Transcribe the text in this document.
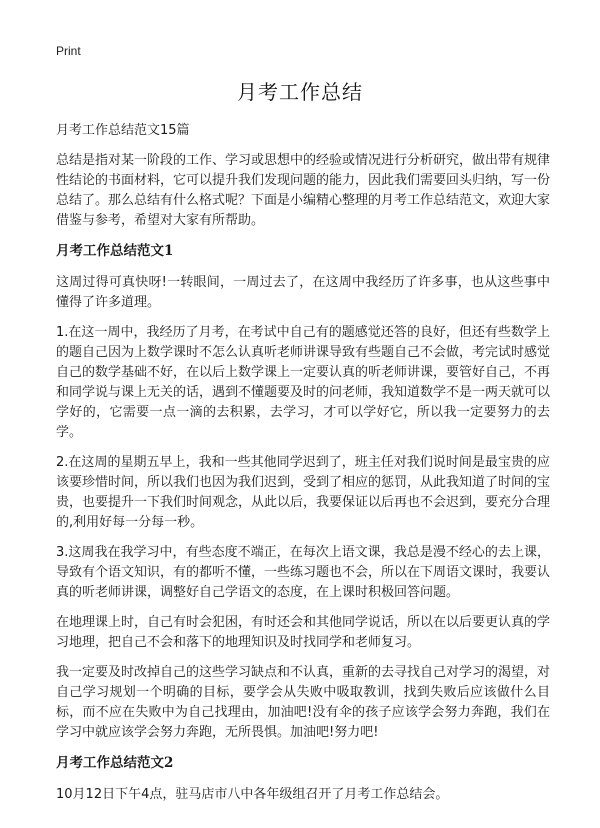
Print
月考工作总结
月考工作总结范文15篇

总结是指对某一阶段的工作、学习或思想中的经验或情况进行分析研究，做出带有规律性结论的书面材料，它可以提升我们发现问题的能力，因此我们需要回头归纳，写一份总结了。那么总结有什么格式呢？下面是小编精心整理的月考工作总结范文，欢迎大家借鉴与参考，希望对大家有所帮助。

月考工作总结范文1

这周过得可真快呀!一转眼间，一周过去了，在这周中我经历了许多事，也从这些事中懂得了许多道理。

1.在这一周中，我经历了月考，在考试中自己有的题感觉还答的良好，但还有些数学上的题自己因为上数学课时不怎么认真听老师讲课导致有些题自己不会做，考完试时感觉自己的数学基础不好，在以后上数学课上一定要认真的听老师讲课，要管好自己，不再和同学说与课上无关的话，遇到不懂题要及时的问老师，我知道数学不是一两天就可以学好的，它需要一点一滴的去积累，去学习，才可以学好它，所以我一定要努力的去学。

2.在这周的星期五早上，我和一些其他同学迟到了，班主任对我们说时间是最宝贵的应该要珍惜时间，所以我们也因为我们迟到，受到了相应的惩罚，从此我知道了时间的宝贵，也要提升一下我们时间观念，从此以后，我要保证以后再也不会迟到，要充分合理的,利用好每一分每一秒。

3.这周我在我学习中，有些态度不端正，在每次上语文课，我总是漫不经心的去上课，导致有个语文知识，有的都听不懂，一些练习题也不会，所以在下周语文课时，我要认真的听老师讲课，调整好自己学语文的态度，在上课时积极回答问题。

在地理课上时，自己有时会犯困，有时还会和其他同学说话，所以在以后要更认真的学习地理，把自己不会和落下的地理知识及时找同学和老师复习。

我一定要及时改掉自己的这些学习缺点和不认真，重新的去寻找自己对学习的渴望，对自己学习规划一个明确的目标，要学会从失败中吸取教训，找到失败后应该做什么目标，而不应在失败中为自己找理由，加油吧!没有伞的孩子应该学会努力奔跑，我们在学习中就应该学会努力奔跑，无所畏惧。加油吧!努力吧!

月考工作总结范文2

10月12日下午4点，驻马店市八中各年级组召开了月考工作总结会。
